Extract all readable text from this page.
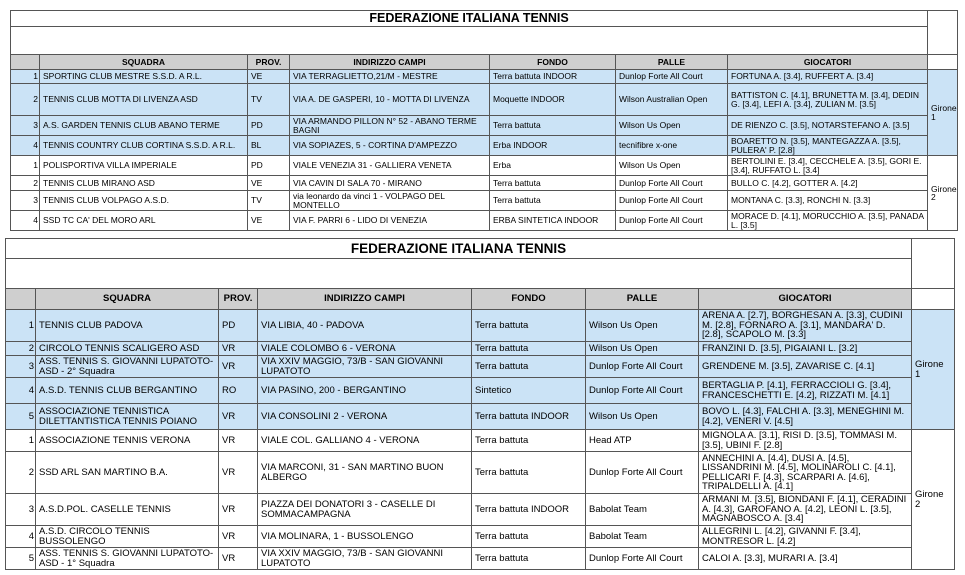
FEDERAZIONE ITALIANA TENNIS							

	SQUADRA	PROV.	INDIRIZZO CAMPI	FONDO	PALLE	GIOCATORI	
1	SPORTING CLUB MESTRE S.S.D. A R.L.	VE	VIA TERRAGLIETTO,21/M - MESTRE	Terra battuta INDOOR	Dunlop Forte All Court	FORTUNA A. [3.4], RUFFERT A. [3.4]	Girone 1
2	TENNIS CLUB MOTTA DI LIVENZA ASD	TV	VIA A. DE GASPERI, 10 - MOTTA DI LIVENZA	Moquette INDOOR	Wilson Australian Open	BATTISTON C. [4.1], BRUNETTA M. [3.4], DEDIN G. [3.4], LEFI A. [3.4], ZULIAN M. [3.5]	
3	A.S. GARDEN TENNIS CLUB ABANO TERME	PD	VIA ARMANDO PILLON N° 52 - ABANO TERME BAGNI	Terra battuta	Wilson Us Open	DE RIENZO C. [3.5], NOTARSTEFANO A. [3.5]	
4	TENNIS COUNTRY CLUB CORTINA S.S.D. A R.L.	BL	VIA SOPIAZES, 5 - CORTINA D'AMPEZZO	Erba INDOOR	tecnifibre x-one	BOARETTO N. [3.5], MANTEGAZZA A. [3.5], PULERA' P. [2.8]	
1	POLISPORTIVA VILLA IMPERIALE	PD	VIALE VENEZIA 31 - GALLIERA VENETA	Erba	Wilson Us Open	BERTOLINI E. [3.4], CECCHELE A. [3.5], GORI E. [3.4], RUFFATO L. [3.4]	Girone 2
2	TENNIS CLUB MIRANO ASD	VE	VIA CAVIN DI SALA 70 - MIRANO	Terra battuta	Dunlop Forte All Court	BULLO C. [4.2], GOTTER A. [4.2]	
3	TENNIS CLUB VOLPAGO A.S.D.	TV	via leonardo da vinci 1 - VOLPAGO DEL MONTELLO	Terra battuta	Dunlop Forte All Court	MONTANA C. [3.3], RONCHI N. [3.3]	
4	SSD TC CA' DEL MORO ARL	VE	VIA F. PARRI 6 - LIDO DI VENEZIA	ERBA SINTETICA INDOOR	Dunlop Forte All Court	MORACE D. [4.1], MORUCCHIO A. [3.5], PANADA L. [3.5]	
FEDERAZIONE ITALIANA TENNIS							

	SQUADRA	PROV.	INDIRIZZO CAMPI	FONDO	PALLE	GIOCATORI	
1	TENNIS CLUB PADOVA	PD	VIA LIBIA, 40 - PADOVA	Terra battuta	Wilson Us Open	ARENA A. [2.7], BORGHESAN A. [3.3], CUDINI M. [2.8], FORNARO A. [3.1], MANDARA' D. [2.8], SCAPOLO M. [3.3]	Girone 1
2	CIRCOLO TENNIS SCALIGERO ASD	VR	VIALE COLOMBO 6 - VERONA	Terra battuta	Wilson Us Open	FRANZINI D. [3.5], PIGAIANI L. [3.2]	
3	ASS. TENNIS S. GIOVANNI LUPATOTO-ASD - 2° Squadra	VR	VIA XXIV MAGGIO, 73/B - SAN GIOVANNI LUPATOTO	Terra battuta	Dunlop Forte All Court	GRENDENE M. [3.5], ZAVARISE C. [4.1]	
4	A.S.D. TENNIS CLUB BERGANTINO	RO	VIA PASINO, 200 - BERGANTINO	Sintetico	Dunlop Forte All Court	BERTAGLIA P. [4.1], FERRACCIOLI G. [3.4], FRANCESCHETTI E. [4.2], RIZZATI M. [4.1]	
5	ASSOCIAZIONE TENNISTICA DILETTANTISTICA TENNIS POIANO	VR	VIA CONSOLINI 2 - VERONA	Terra battuta INDOOR	Wilson Us Open	BOVO L. [4.3], FALCHI A. [3.3], MENEGHINI M. [4.2], VENERI V. [4.5]	
1	ASSOCIAZIONE TENNIS VERONA	VR	VIALE COL. GALLIANO 4 - VERONA	Terra battuta	Head ATP	MIGNOLA A. [3.1], RISI D. [3.5], TOMMASI M. [3.5], UBINI F. [2.8]	Girone 2
2	SSD ARL SAN MARTINO B.A.	VR	VIA MARCONI, 31 - SAN MARTINO BUON ALBERGO	Terra battuta	Dunlop Forte All Court	ANNECHINI A. [4.4], DUSI A. [4.5], LISSANDRINI M. [4.5], MOLINAROLI C. [4.1], PELLICARI F. [4.3], SCARPARI A. [4.6], TRIPALDELLI A. [4.1]	
3	A.S.D.POL. CASELLE TENNIS	VR	PIAZZA DEI DONATORI 3 - CASELLE DI SOMMACAMPAGNA	Terra battuta INDOOR	Babolat Team	ARMANI M. [3.5], BIONDANI F. [4.1], CERADINI A. [4.3], GAROFANO A. [4.2], LEONI L. [3.5], MAGNABOSCO A. [3.4]	
4	A.S.D. CIRCOLO TENNIS BUSSOLENGO	VR	VIA MOLINARA, 1 - BUSSOLENGO	Terra battuta	Babolat Team	ALLEGRINI L. [4.2], GIVANNI F. [3.4], MONTRESOR L. [4.2]	
5	ASS. TENNIS S. GIOVANNI LUPATOTO-ASD - 1° Squadra	VR	VIA XXIV MAGGIO, 73/B - SAN GIOVANNI LUPATOTO	Terra battuta	Dunlop Forte All Court	CALOI A. [3.3], MURARI A. [3.4]	
